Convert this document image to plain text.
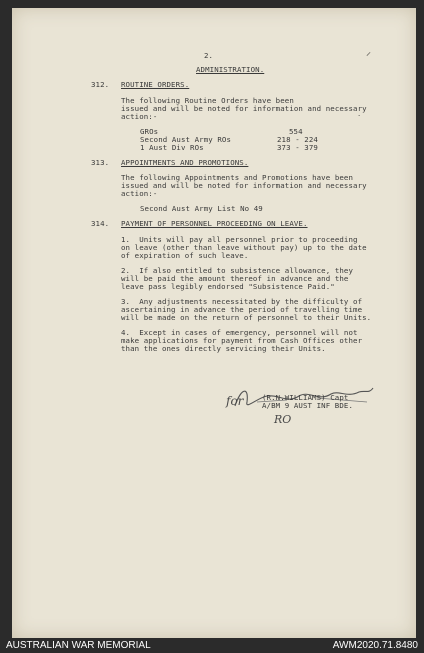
2.	⸝
ADMINISTRATION.
312. ROUTINE ORDERS.
The following Routine Orders have been
issued and will be noted for information and necessary
action:-	·
GROs	554
Second Aust Army ROs	218 - 224
1 Aust Div ROs	373 - 379
313. APPOINTMENTS AND PROMOTIONS.
The following Appointments and Promotions have been
issued and will be noted for information and necessary
action:-
Second Aust Army List No 49
314. PAYMENT OF PERSONNEL PROCEEDING ON LEAVE.
1.  Units will pay all personnel prior to proceeding
on leave (other than leave without pay) up to the date
of expiration of such leave.
2.  If also entitled to subsistence allowance, they
will be paid the amount thereof in advance and the
leave pass legibly endorsed "Subsistence Paid."
3.  Any adjustments necessitated by the difficulty of
ascertaining in advance the period of travelling time
will be made on the return of personnel to their Units.
4.  Except in cases of emergency, personnel will not
make applications for payment from Cash Offices other
than the ones directly servicing their Units.
(R.N.WILLIAMS) Capt
A/BM 9 AUST INF BDE.
for
RO
AUSTRALIAN WAR MEMORIAL	AWM2020.71.8480
